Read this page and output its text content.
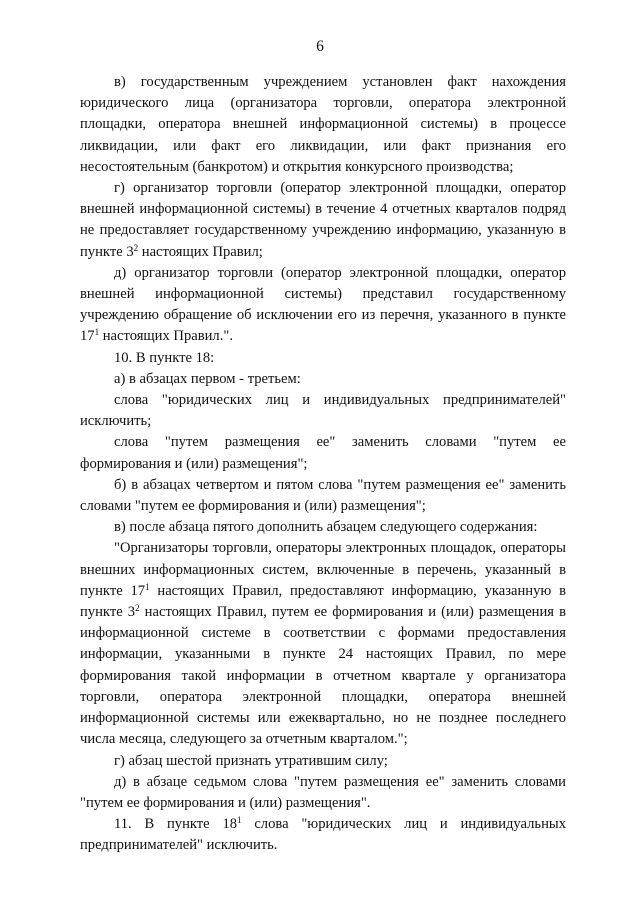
6

в) государственным учреждением установлен факт нахождения юридического лица (организатора торговли, оператора электронной площадки, оператора внешней информационной системы) в процессе ликвидации, или факт его ликвидации, или факт признания его несостоятельным (банкротом) и открытия конкурсного производства;

г) организатор торговли (оператор электронной площадки, оператор внешней информационной системы) в течение 4 отчетных кварталов подряд не предоставляет государственному учреждению информацию, указанную в пункте $3^2$ настоящих Правил;

д) организатор торговли (оператор электронной площадки, оператор внешней информационной системы) представил государственному учреждению обращение об исключении его из перечня, указанного в пункте $17^1$ настоящих Правил.".

10. В пункте 18:

а) в абзацах первом - третьем:

слова "юридических лиц и индивидуальных предпринимателей" исключить;

слова "путем размещения ее" заменить словами "путем ее формирования и (или) размещения";

б) в абзацах четвертом и пятом слова "путем размещения ее" заменить словами "путем ее формирования и (или) размещения";

в) после абзаца пятого дополнить абзацем следующего содержания:

"Организаторы торговли, операторы электронных площадок, операторы внешних информационных систем, включенные в перечень, указанный в пункте $17^1$ настоящих Правил, предоставляют информацию, указанную в пункте $3^2$ настоящих Правил, путем ее формирования и (или) размещения в информационной системе в соответствии с формами предоставления информации, указанными в пункте 24 настоящих Правил, по мере формирования такой информации в отчетном квартале у организатора торговли, оператора электронной площадки, оператора внешней информационной системы или ежеквартально, но не позднее последнего числа месяца, следующего за отчетным кварталом.";

г) абзац шестой признать утратившим силу;

д) в абзаце седьмом слова "путем размещения ее" заменить словами "путем ее формирования и (или) размещения".

11. В пункте $18^1$ слова "юридических лиц и индивидуальных предпринимателей" исключить.
